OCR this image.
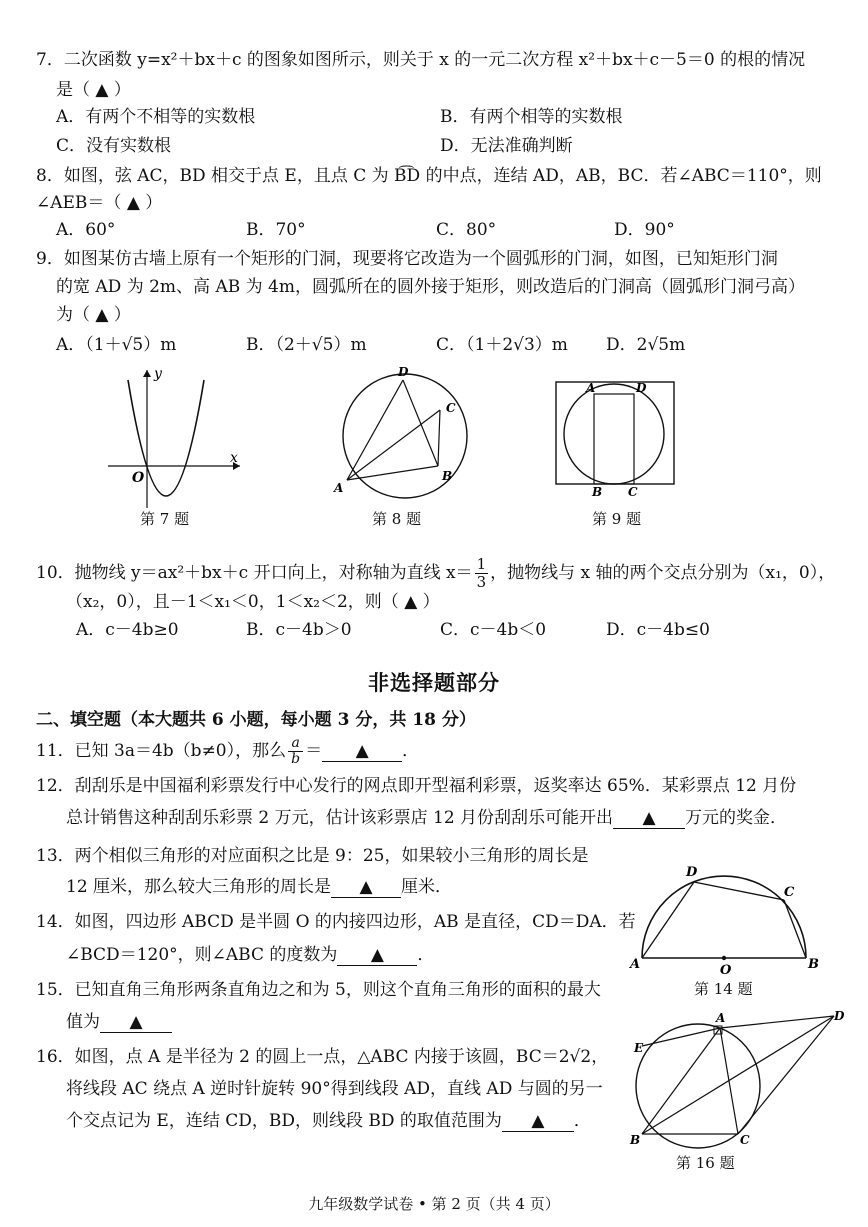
7．二次函数 y=x²＋bx＋c 的图象如图所示，则关于 x 的一元二次方程 x²＋bx＋c－5＝0 的根的情况
是（ ▲ ）
A．有两个不相等的实数根	B．有两个相等的实数根
C．没有实数根	D．无法准确判断
8．如图，弦 AC，BD 相交于点 E，且点 C 为 B͡D 的中点，连结 AD，AB，BC．若∠ABC＝110°，则
∠AEB＝（ ▲ ）
A．60°	B．70°	C．80°	D．90°
9．如图某仿古墙上原有一个矩形的门洞，现要将它改造为一个圆弧形的门洞，如图，已知矩形门洞
的宽 AD 为 2m、高 AB 为 4m，圆弧所在的圆外接于矩形，则改造后的门洞高（圆弧形门洞弓高）
为（ ▲ ）
A．（1＋√5）m	B．（2＋√5）m	C．（1＋2√3）m D．2√5m
y
x
O
A
B
C
D
A	D
B C
第 7 题	第 8 题	第 9 题
10．抛物线 y＝ax²＋bx＋c 开口向上，对称轴为直线 $x= \frac{1}{3}$ ，抛物线与 x 轴的两个交点分别为（x₁，0），
（x₂，0），且－1＜x₁＜0，1＜x₂＜2，则（ ▲ ）
A．c－4b≥0	B．c－4b＞0	C．c－4b＜0	D．c－4b≤0
非选择题部分
二、填空题（本大题共 6 小题，每小题 3 分，共 18 分）
11．已知 3a＝4b（b≠0），那么 $\frac{a}{b}$ ＝ ▲ ．
12．刮刮乐是中国福利彩票发行中心发行的网点即开型福利彩票，返奖率达 65%．某彩票点 12 月份
总计销售这种刮刮乐彩票 2 万元，估计该彩票店 12 月份刮刮乐可能开出 ▲ 万元的奖金．
13．两个相似三角形的对应面积之比是 9：25，如果较小三角形的周长是
12 厘米，那么较大三角形的周长是 ▲ 厘米．
14．如图，四边形 ABCD 是半圆 O 的内接四边形，AB 是直径，CD＝DA．若
∠BCD＝120°，则∠ABC 的度数为 ▲ ．	A	B
C
D
O
第 14 题
15．已知直角三角形两条直角边之和为 5，则这个直角三角形的面积的最大
值为 ▲
16．如图，点 A 是半径为 2 的圆上一点，△ABC 内接于该圆，BC＝2√2，
将线段 AC 绕点 A 逆时针旋转 90°得到线段 AD，直线 AD 与圆的另一
个交点记为 E，连结 CD，BD，则线段 BD 的取值范围为 ▲ ．
A
B	C
D
E
第 16 题
九年级数学试卷 • 第 2 页（共 4 页）
